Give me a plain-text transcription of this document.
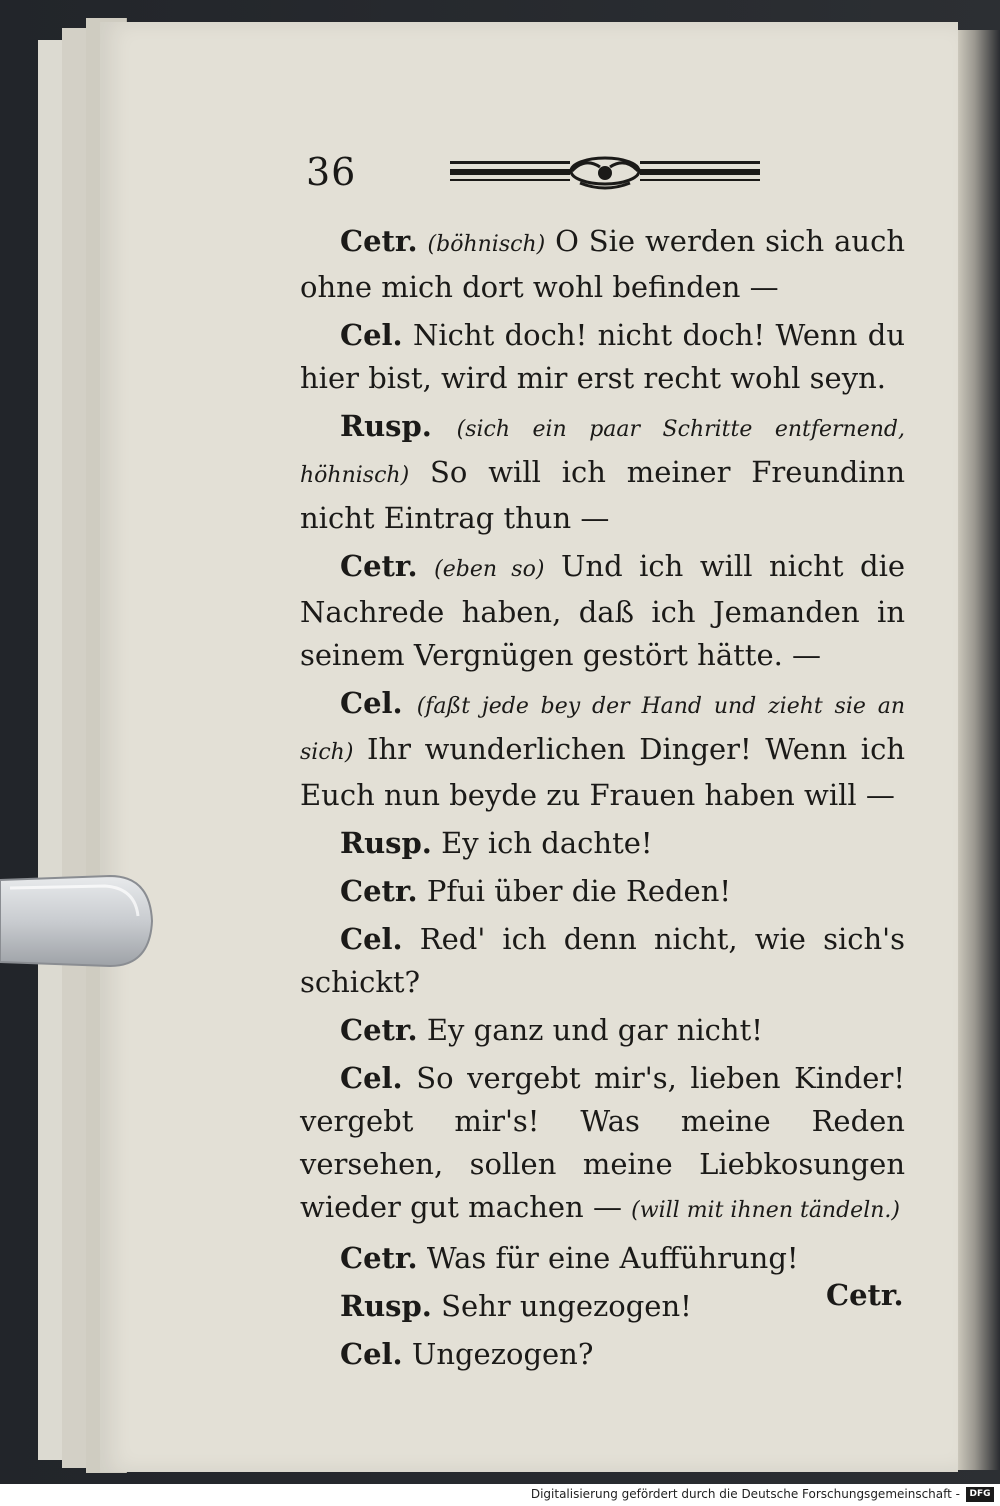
36

Cetr. (böhnisch) O Sie werden sich auch ohne mich dort wohl befinden —

Cel. Nicht doch! nicht doch! Wenn du hier bist, wird mir erst recht wohl seyn.

Rusp. (sich ein paar Schritte entfernend, höhnisch) So will ich meiner Freundinn nicht Eintrag thun —

Cetr. (eben so) Und ich will nicht die Nachrede haben, daß ich Jemanden in seinem Vergnügen gestört hätte. —

Cel. (faßt jede bey der Hand und zieht sie an sich) Ihr wunderlichen Dinger! Wenn ich Euch nun beyde zu Frauen haben will —

Rusp. Ey ich dachte!

Cetr. Pfui über die Reden!

Cel. Red' ich denn nicht, wie sich's schickt?

Cetr. Ey ganz und gar nicht!

Cel. So vergebt mir's, lieben Kinder! vergebt mir's! Was meine Reden versehen, sollen meine Liebkosungen wieder gut machen — (will mit ihnen tändeln.)

Cetr. Was für eine Aufführung!

Rusp. Sehr ungezogen!

Cel. Ungezogen?

Cetr.
Digitalisierung gefördert durch die Deutsche Forschungsgemeinschaft -	DFG
